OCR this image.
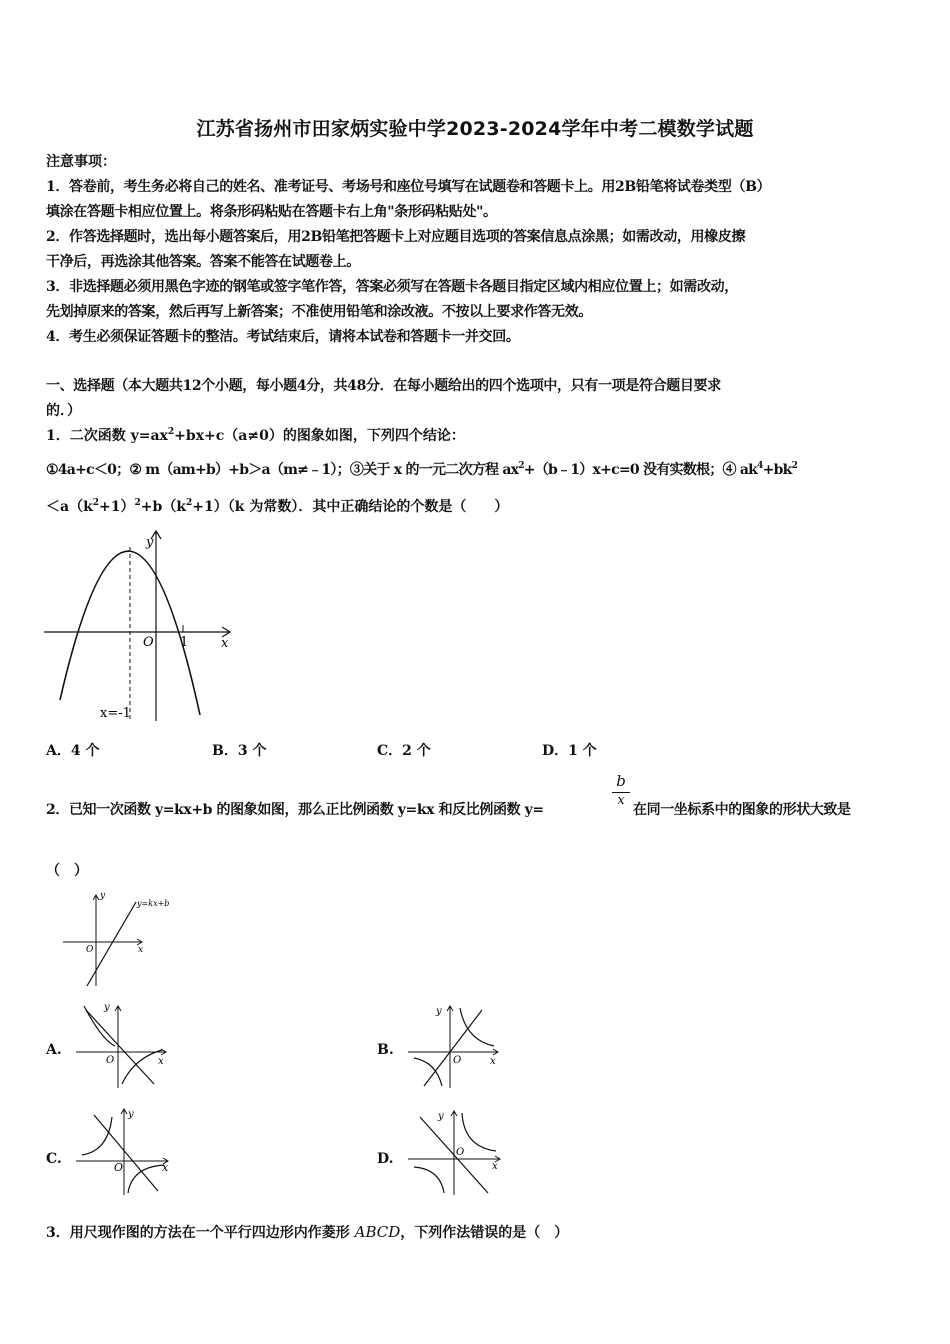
江苏省扬州市田家炳实验中学2023-2024学年中考二模数学试题
注意事项：
1．答卷前，考生务必将自己的姓名、准考证号、考场号和座位号填写在试题卷和答题卡上。用2B铅笔将试卷类型（B）
填涂在答题卡相应位置上。将条形码粘贴在答题卡右上角"条形码粘贴处"。
2．作答选择题时，选出每小题答案后，用2B铅笔把答题卡上对应题目选项的答案信息点涂黑；如需改动，用橡皮擦
干净后，再选涂其他答案。答案不能答在试题卷上。
3．非选择题必须用黑色字迹的钢笔或签字笔作答，答案必须写在答题卡各题目指定区域内相应位置上；如需改动，
先划掉原来的答案，然后再写上新答案；不准使用铅笔和涂改液。不按以上要求作答无效。
4．考生必须保证答题卡的整洁。考试结束后，请将本试卷和答题卡一并交回。
一、选择题（本大题共12个小题，每小题4分，共48分．在每小题给出的四个选项中，只有一项是符合题目要求
的．）
1．二次函数 $y=ax^2+bx+c(a\ne 0)$的图象如图，下列四个结论：
①4a+c＜0；② m（am+b）+b＞a（m≠﹣1）；③关于 x 的一元二次方程 $ax^2+(b﹣1)x+c=0$ 没有实数根；④ $ak^4+bk^2$
$<a(k^2+1)^2+b(k^2+1)(k$ 为常数）．其中正确结论的个数是（　　）
y
x
O 1
x=-1
A．4 个	B．3 个	C．2 个	D．1 个
2．已知一次函数 y=kx+b 的图象如图，那么正比例函数 y=kx 和反比例函数 y=
b
x
在同一坐标系中的图象的形状大致是
（　）
y
x
O
y=kx+b
A.
y
x
O
B.
y
x
O
C.
y
x
O
D.
y
x
O
3．用尺现作图的方法在一个平行四边形内作菱形 ABCD，下列作法错误的是（　）
